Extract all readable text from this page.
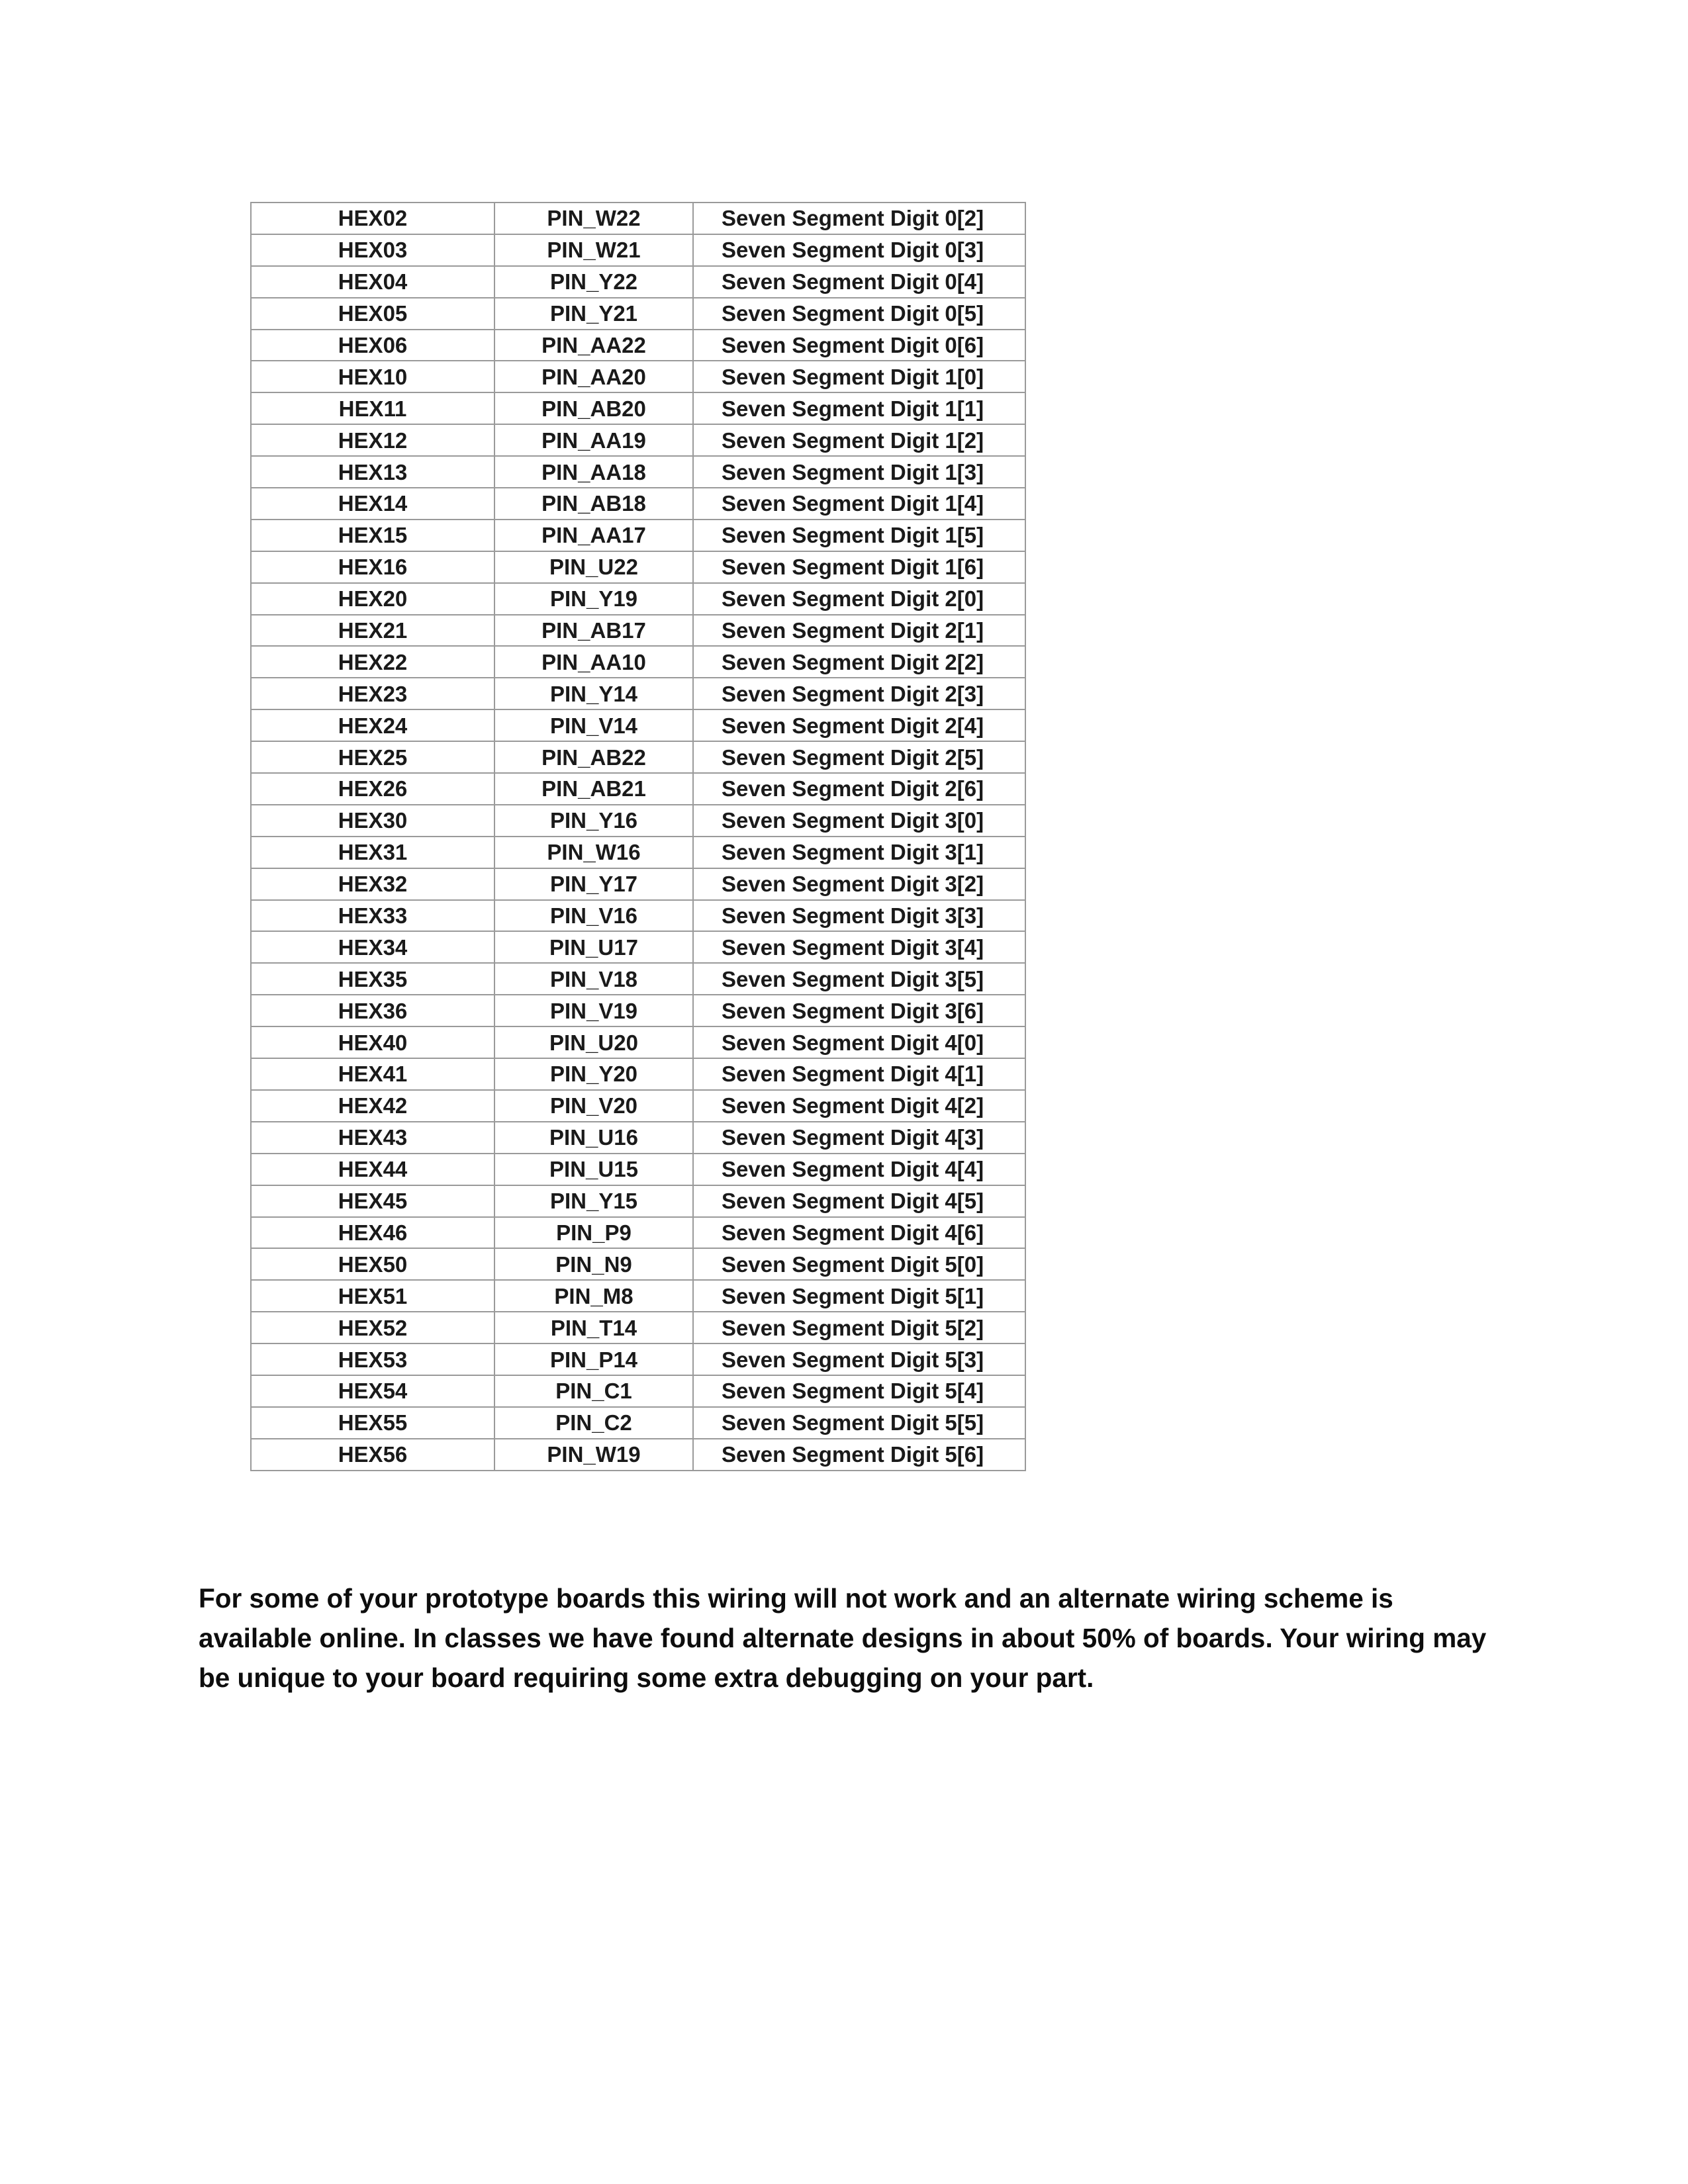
HEX02	PIN_W22	Seven Segment Digit 0[2]
HEX03	PIN_W21	Seven Segment Digit 0[3]
HEX04	PIN_Y22	Seven Segment Digit 0[4]
HEX05	PIN_Y21	Seven Segment Digit 0[5]
HEX06	PIN_AA22	Seven Segment Digit 0[6]
HEX10	PIN_AA20	Seven Segment Digit 1[0]
HEX11	PIN_AB20	Seven Segment Digit 1[1]
HEX12	PIN_AA19	Seven Segment Digit 1[2]
HEX13	PIN_AA18	Seven Segment Digit 1[3]
HEX14	PIN_AB18	Seven Segment Digit 1[4]
HEX15	PIN_AA17	Seven Segment Digit 1[5]
HEX16	PIN_U22	Seven Segment Digit 1[6]
HEX20	PIN_Y19	Seven Segment Digit 2[0]
HEX21	PIN_AB17	Seven Segment Digit 2[1]
HEX22	PIN_AA10	Seven Segment Digit 2[2]
HEX23	PIN_Y14	Seven Segment Digit 2[3]
HEX24	PIN_V14	Seven Segment Digit 2[4]
HEX25	PIN_AB22	Seven Segment Digit 2[5]
HEX26	PIN_AB21	Seven Segment Digit 2[6]
HEX30	PIN_Y16	Seven Segment Digit 3[0]
HEX31	PIN_W16	Seven Segment Digit 3[1]
HEX32	PIN_Y17	Seven Segment Digit 3[2]
HEX33	PIN_V16	Seven Segment Digit 3[3]
HEX34	PIN_U17	Seven Segment Digit 3[4]
HEX35	PIN_V18	Seven Segment Digit 3[5]
HEX36	PIN_V19	Seven Segment Digit 3[6]
HEX40	PIN_U20	Seven Segment Digit 4[0]
HEX41	PIN_Y20	Seven Segment Digit 4[1]
HEX42	PIN_V20	Seven Segment Digit 4[2]
HEX43	PIN_U16	Seven Segment Digit 4[3]
HEX44	PIN_U15	Seven Segment Digit 4[4]
HEX45	PIN_Y15	Seven Segment Digit 4[5]
HEX46	PIN_P9	Seven Segment Digit 4[6]
HEX50	PIN_N9	Seven Segment Digit 5[0]
HEX51	PIN_M8	Seven Segment Digit 5[1]
HEX52	PIN_T14	Seven Segment Digit 5[2]
HEX53	PIN_P14	Seven Segment Digit 5[3]
HEX54	PIN_C1	Seven Segment Digit 5[4]
HEX55	PIN_C2	Seven Segment Digit 5[5]
HEX56	PIN_W19	Seven Segment Digit 5[6]

For some of your prototype boards this wiring will not work and an alternate wiring scheme is available online. In classes we have found alternate designs in about 50% of boards. Your wiring may be unique to your board requiring some extra debugging on your part.
